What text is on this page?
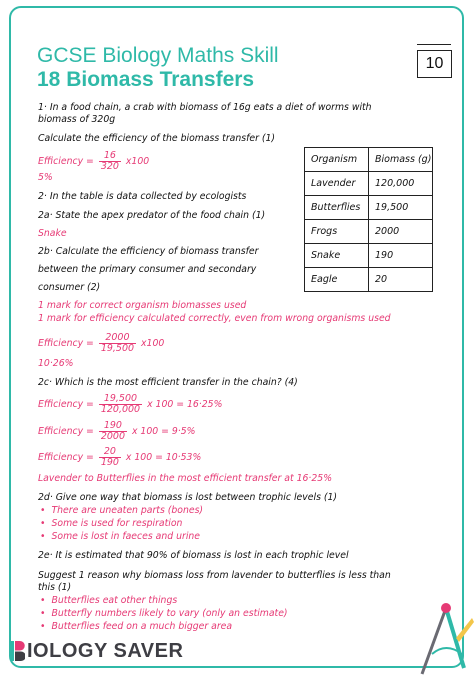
GCSE Biology Maths Skill
18 Biomass Transfers
10
1· In a food chain, a crab with biomass of 16g eats a diet of worms with
biomass of 320g
Calculate the efficiency of the biomass transfer (1)
Efficiency = $\frac{16}{320} x100$
5%
2· In the table is data collected by ecologists
2a· State the apex predator of the food chain (1)
Snake
2b· Calculate the efficiency of biomass transfer
between the primary consumer and secondary
consumer (2)
1 mark for correct organism biomasses used
1 mark for efficiency calculated correctly, even from wrong organisms used
Efficiency = $\frac{2000}{19,500} x100$
10·26%
2c· Which is the most efficient transfer in the chain? (4)
Efficiency = $\frac{19,500}{120,000}$ x 100 = 16·25%
Efficiency = $\frac{190}{2000}$ x 100 = 9·5%
Efficiency = $\frac{20}{190}$ x 100 = 10·53%
Lavender to Butterflies in the most efficient transfer at 16·25%
2d· Give one way that biomass is lost between trophic levels (1)
• There are uneaten parts (bones)
• Some is used for respiration
• Some is lost in faeces and urine
2e· It is estimated that 90% of biomass is lost in each trophic level
Suggest 1 reason why biomass loss from lavender to butterflies is less than
this (1)
• Butterflies eat other things
• Butterfly numbers likely to vary (only an estimate)
• Butterflies feed on a much bigger area
Organism	Biomass (g)
Lavender	120,000
Butterflies	19,500
Frogs	2000
Snake	190
Eagle	20
IOLOGY SAVER
